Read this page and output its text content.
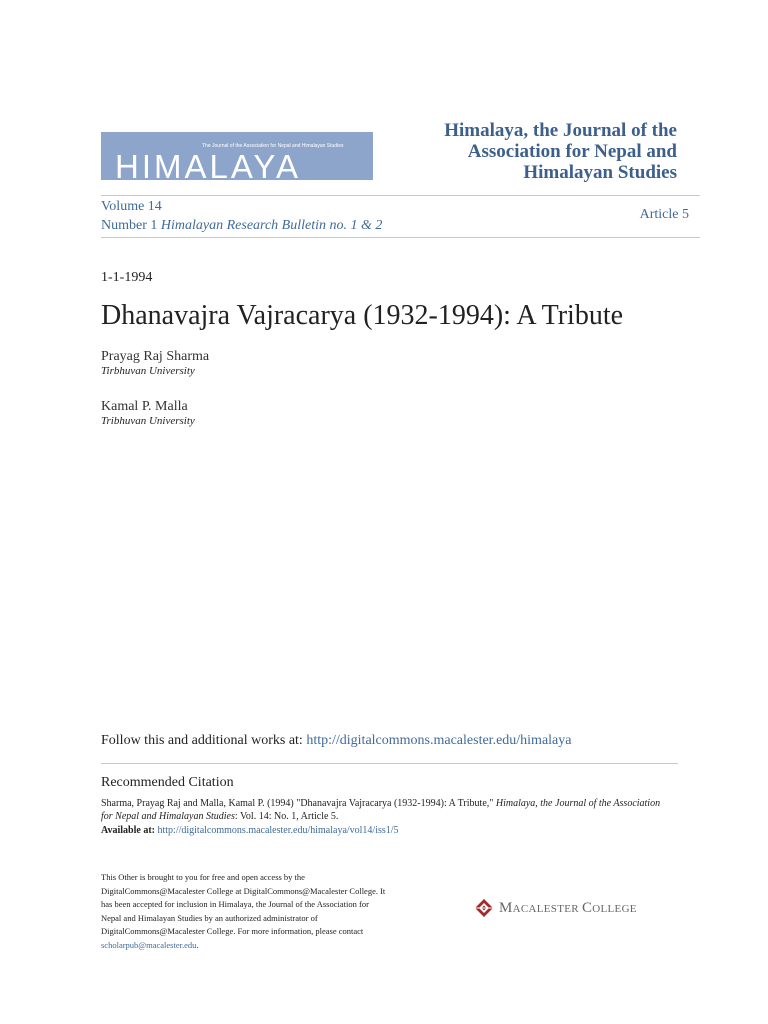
The Journal of the Association for Nepal and Himalayan Studies
HIMALAYA
Himalaya, the Journal of the
Association for Nepal and
Himalayan Studies
Volume 14
Number 1 Himalayan Research Bulletin no. 1 & 2
Article 5
1-1-1994
Dhanavajra Vajracarya (1932-1994): A Tribute
Prayag Raj Sharma
Tirbhuvan University
Kamal P. Malla
Tribhuvan University
Follow this and additional works at: http://digitalcommons.macalester.edu/himalaya
Recommended Citation
Sharma, Prayag Raj and Malla, Kamal P. (1994) "Dhanavajra Vajracarya (1932-1994): A Tribute," Himalaya, the Journal of the Association for Nepal and Himalayan Studies: Vol. 14: No. 1, Article 5.
Available at: http://digitalcommons.macalester.edu/himalaya/vol14/iss1/5
This Other is brought to you for free and open access by the DigitalCommons@Macalester College at DigitalCommons@Macalester College. It has been accepted for inclusion in Himalaya, the Journal of the Association for Nepal and Himalayan Studies by an authorized administrator of DigitalCommons@Macalester College. For more information, please contact scholarpub@macalester.edu.
MACALESTER COLLEGE
